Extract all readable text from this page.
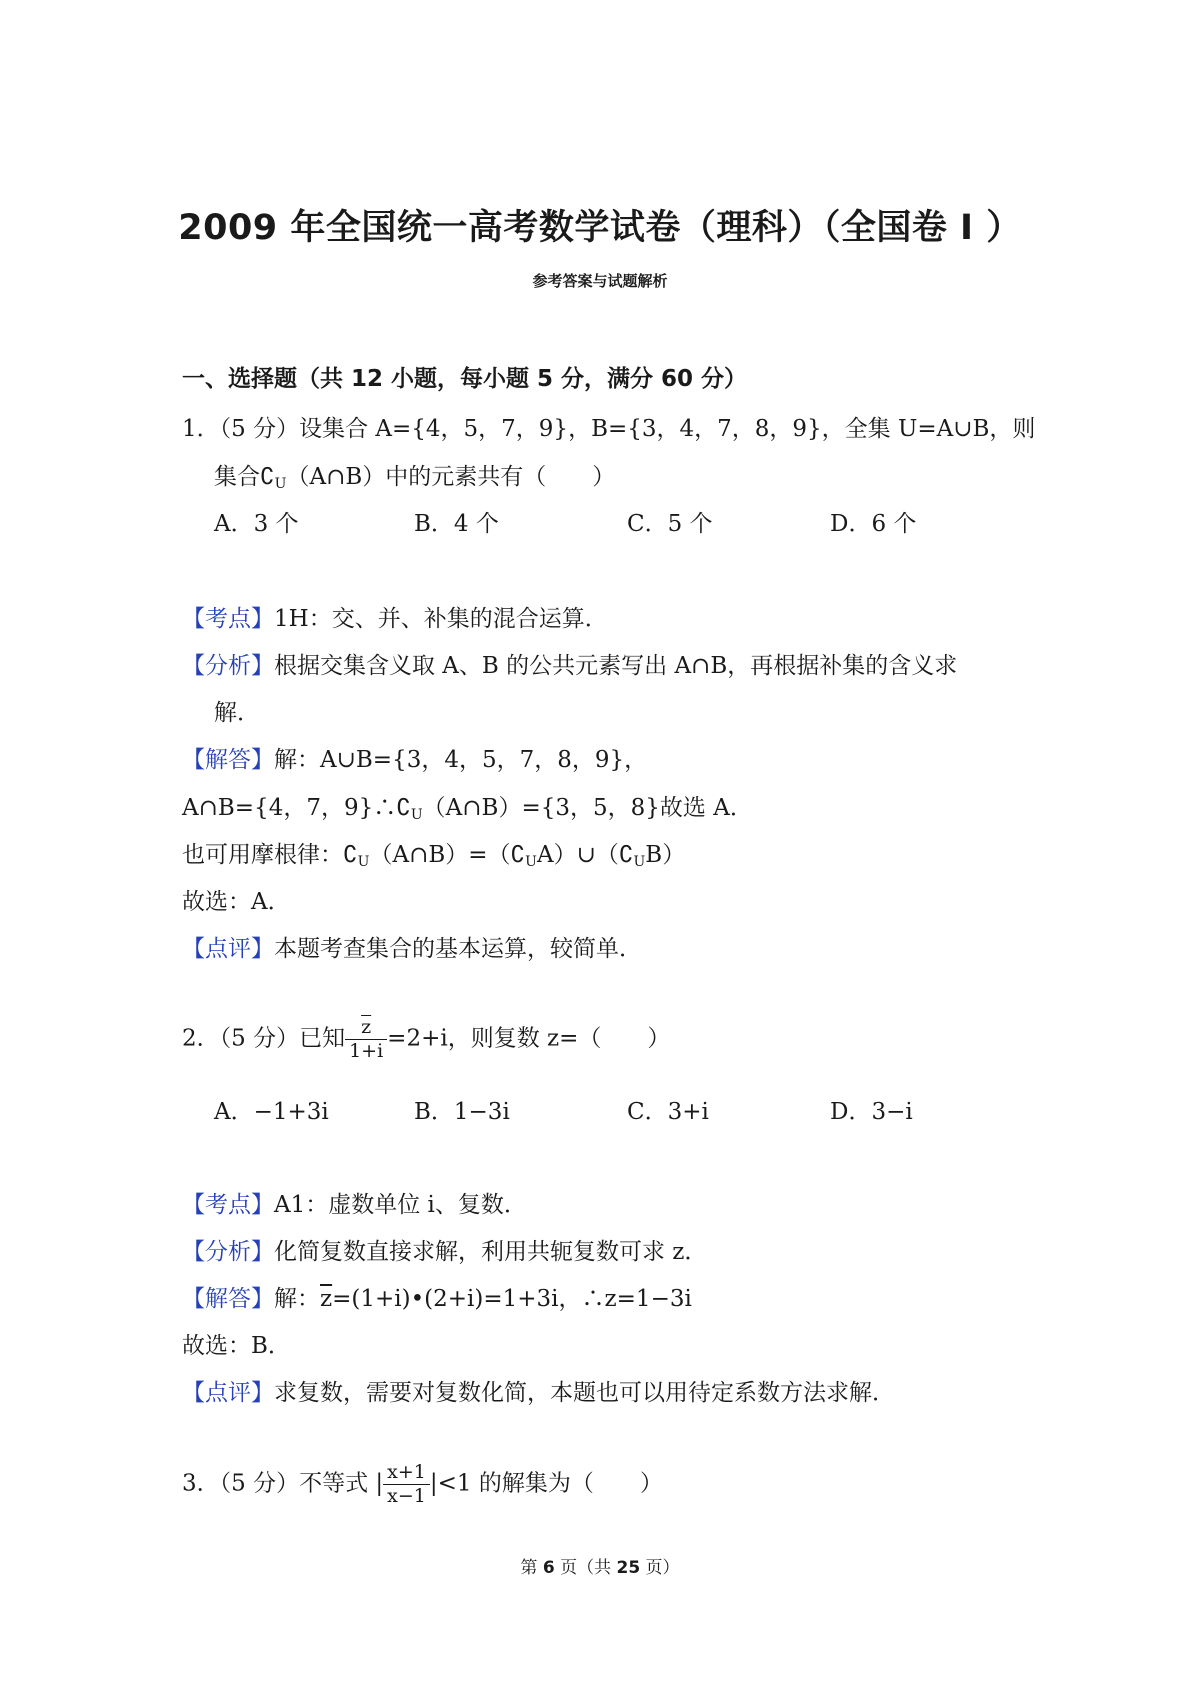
2009 年全国统一高考数学试卷（理科）（全国卷 I ）
参考答案与试题解析
一、选择题（共 12 小题，每小题 5 分，满分 60 分）
1．（5 分）设集合 A={4，5，7，9}，B={3，4，7，8，9}，全集 U=A∪B，则
集合$∁_U(A\cap B)$中的元素共有（　　）
A．3 个	B．4 个	C．5 个	D．6 个
【考点】1H：交、并、补集的混合运算．
【分析】根据交集含义取 A、B 的公共元素写出 A∩B，再根据补集的含义求
解．
【解答】解：A∪B={3，4，5，7，8，9}，
A∩B={4，7，$9\}\therefore∁_U(A\cap B)=\{3$，5，8}故选 A．
也可用摩根律：$∁_U(A\cap B)=(∁_UA)\cup(∁_UB)$
故选：A．
【点评】本题考查集合的基本运算，较简单．
2．（5 分）已知 $\frac{\overline{z}}{1+i} =2+i$，则复数 z=（　　）
A．−1+3i	B．1−3i	C．3+i	D．3−i
【考点】A1：虚数单位 i、复数．
【分析】化简复数直接求解，利用共轭复数可求 z．
【解答】解：$\overline{z}=(1+i)•(2+i)=1+3i$，∴z=1−3i
故选：B．
【点评】求复数，需要对复数化简，本题也可以用待定系数方法求解．
3．（5 分）不等式 | $\frac{x+1}{x-1} |<1$ 的解集为（　　）
第 6 页（共 25 页）
